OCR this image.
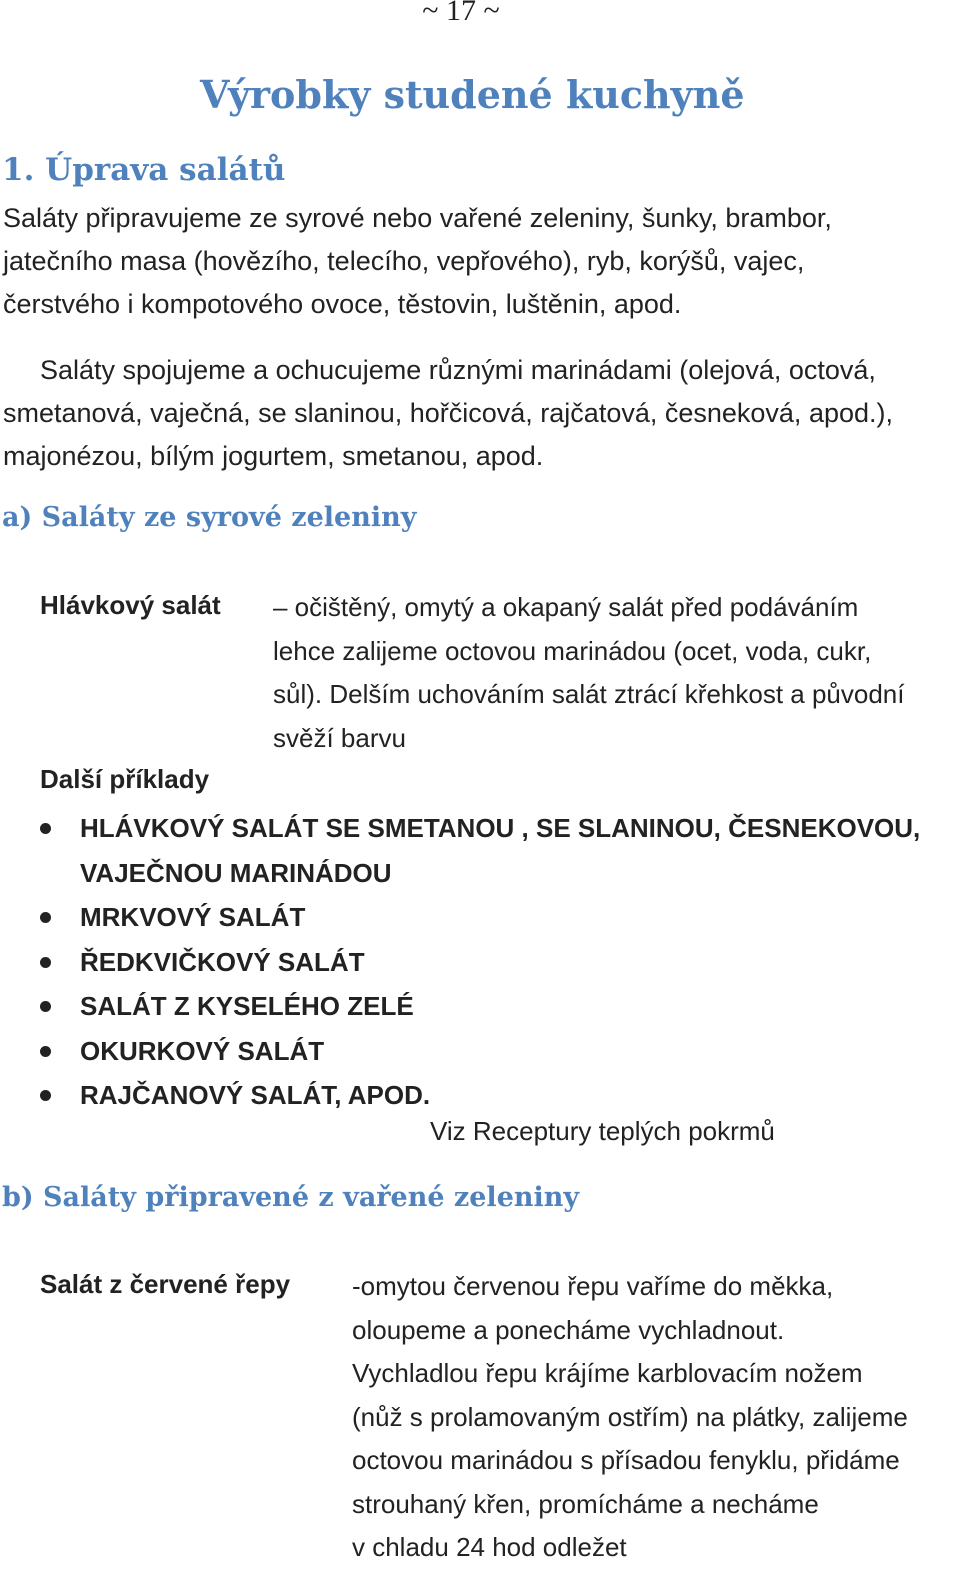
~ 17 ~
Výrobky studené kuchyně
1. Úprava salátů
Saláty připravujeme ze syrové nebo vařené zeleniny, šunky, brambor,
jatečního masa (hovězího, telecího, vepřového), ryb, korýšů, vajec,
čerstvého i kompotového ovoce, těstovin, luštěnin, apod.
Saláty spojujeme a ochucujeme různými marinádami (olejová, octová,
smetanová, vaječná, se slaninou, hořčicová, rajčatová, česneková, apod.),
majonézou, bílým jogurtem, smetanou, apod.
a) Saláty ze syrové zeleniny
Hlávkový salát – očištěný, omytý a okapaný salát před podáváním
lehce zalijeme octovou marinádou (ocet, voda, cukr,
sůl). Delším uchováním salát ztrácí křehkost a původní
svěží barvu
Další příklady
HLÁVKOVÝ SALÁT SE SMETANOU , SE SLANINOU, ČESNEKOVOU,
VAJEČNOU MARINÁDOU
MRKVOVÝ SALÁT
ŘEDKVIČKOVÝ SALÁT
SALÁT Z KYSELÉHO ZELÉ
OKURKOVÝ SALÁT
RAJČANOVÝ SALÁT, APOD.
Viz Receptury teplých pokrmů
b) Saláty připravené z vařené zeleniny
Salát z červené řepy -omytou červenou řepu vaříme do měkka,
oloupeme a ponecháme vychladnout.
Vychladlou řepu krájíme karblovacím nožem
(nůž s prolamovaným ostřím) na plátky, zalijeme
octovou marinádou s přísadou fenyklu, přidáme
strouhaný křen, promícháme a necháme
v chladu 24 hod odležet
